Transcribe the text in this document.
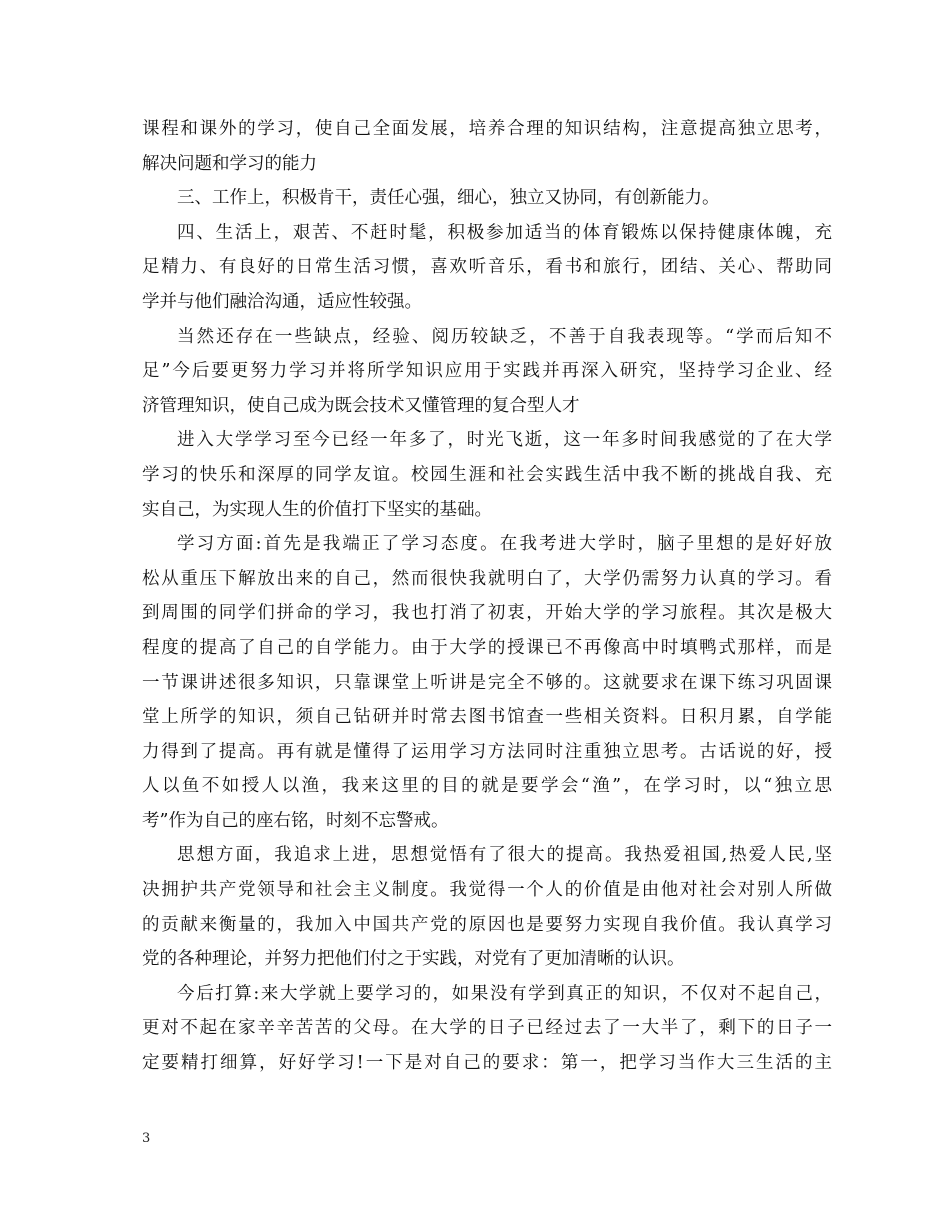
课程和课外的学习，使自己全面发展，培养合理的知识结构，注意提高独立思考，
解决问题和学习的能力
三、工作上，积极肯干，责任心强，细心，独立又协同，有创新能力。
四、生活上，艰苦、不赶时髦，积极参加适当的体育锻炼以保持健康体魄，充
足精力、有良好的日常生活习惯，喜欢听音乐，看书和旅行，团结、关心、帮助同
学并与他们融洽沟通，适应性较强。
当然还存在一些缺点，经验、阅历较缺乏，不善于自我表现等。“学而后知不
足”今后要更努力学习并将所学知识应用于实践并再深入研究，坚持学习企业、经
济管理知识，使自己成为既会技术又懂管理的复合型人才
进入大学学习至今已经一年多了，时光飞逝，这一年多时间我感觉的了在大学
学习的快乐和深厚的同学友谊。校园生涯和社会实践生活中我不断的挑战自我、充
实自己，为实现人生的价值打下坚实的基础。
学习方面:首先是我端正了学习态度。在我考进大学时，脑子里想的是好好放
松从重压下解放出来的自己，然而很快我就明白了，大学仍需努力认真的学习。看
到周围的同学们拼命的学习，我也打消了初衷，开始大学的学习旅程。其次是极大
程度的提高了自己的自学能力。由于大学的授课已不再像高中时填鸭式那样，而是
一节课讲述很多知识，只靠课堂上听讲是完全不够的。这就要求在课下练习巩固课
堂上所学的知识，须自己钻研并时常去图书馆查一些相关资料。日积月累，自学能
力得到了提高。再有就是懂得了运用学习方法同时注重独立思考。古话说的好，授
人以鱼不如授人以渔，我来这里的目的就是要学会“渔”，在学习时，以“独立思
考”作为自己的座右铭，时刻不忘警戒。
思想方面，我追求上进，思想觉悟有了很大的提高。我热爱祖国,热爱人民,坚
决拥护共产党领导和社会主义制度。我觉得一个人的价值是由他对社会对别人所做
的贡献来衡量的，我加入中国共产党的原因也是要努力实现自我价值。我认真学习
党的各种理论，并努力把他们付之于实践，对党有了更加清晰的认识。
今后打算:来大学就上要学习的，如果没有学到真正的知识，不仅对不起自己，
更对不起在家辛辛苦苦的父母。在大学的日子已经过去了一大半了，剩下的日子一
定要精打细算，好好学习!一下是对自己的要求：第一，把学习当作大三生活的主
3
